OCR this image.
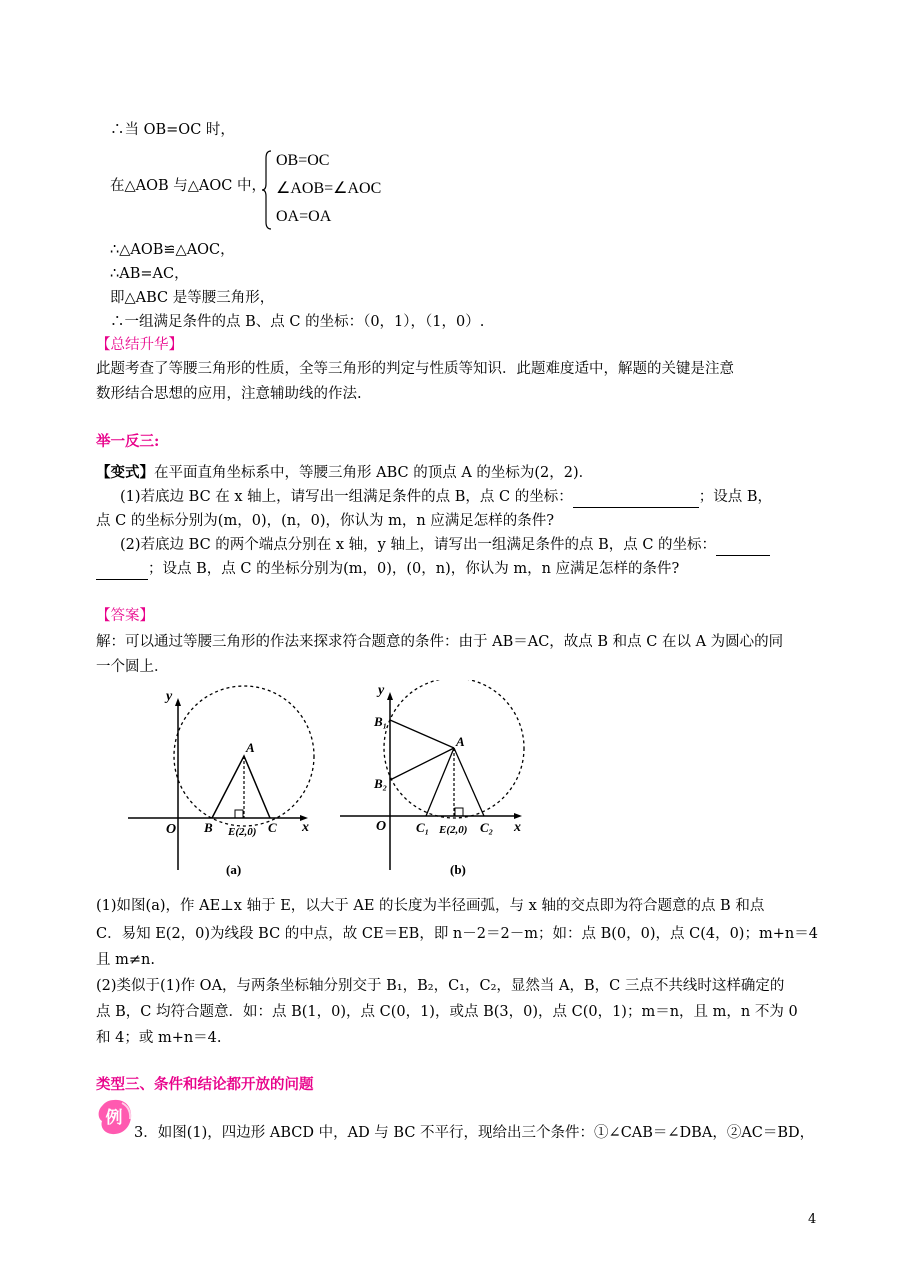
∴当 OB=OC 时，
在△AOB 与△AOC 中，
OB=OC
∠AOB=∠AOC
OA=OA
∴△AOB≌△AOC，
∴AB=AC，
即△ABC 是等腰三角形，
∴一组满足条件的点 B、点 C 的坐标：（0，1），（1，0）.
【总结升华】
此题考查了等腰三角形的性质，全等三角形的判定与性质等知识．此题难度适中，解题的关键是注意
数形结合思想的应用，注意辅助线的作法.
举一反三:
【变式】在平面直角坐标系中，等腰三角形 ABC 的顶点 A 的坐标为(2，2)．
(1)若底边 BC 在 x 轴上，请写出一组满足条件的点 B，点 C 的坐标：	；设点 B，
点 C 的坐标分别为(m，0)，(n，0)，你认为 m，n 应满足怎样的条件?
(2)若底边 BC 的两个端点分别在 x 轴，y 轴上，请写出一组满足条件的点 B，点 C 的坐标：
；设点 B，点 C 的坐标分别为(m，0)，(0，n)，你认为 m，n 应满足怎样的条件?
【答案】
解：可以通过等腰三角形的作法来探求符合题意的条件：由于 AB＝AC，故点 B 和点 C 在以 A 为圆心的同
一个圆上．
y
x
O
A
B	C
E(2,0)
(a)
y
x
O
A
B₁
B₂
C₁	C₂
E(2,0)
(b)
(1)如图(a)，作 AE⊥x 轴于 E，以大于 AE 的长度为半径画弧，与 x 轴的交点即为符合题意的点 B 和点
C．易知 E(2，0)为线段 BC 的中点，故 CE＝EB，即 n－2＝2－m；如：点 B(0，0)，点 C(4，0)；m+n＝4
且 m≠n.
(2)类似于(1)作 OA，与两条坐标轴分别交于 B₁，B₂，C₁，C₂，显然当 A，B，C 三点不共线时这样确定的
点 B，C 均符合题意．如：点 B(1，0)，点 C(0，1)，或点 B(3，0)，点 C(0，1)；m＝n，且 m，n 不为 0
和 4；或 m+n＝4.
类型三、条件和结论都开放的问题
例
3．如图(1)，四边形 ABCD 中，AD 与 BC 不平行，现给出三个条件：①∠CAB＝∠DBA，②AC＝BD，
4
